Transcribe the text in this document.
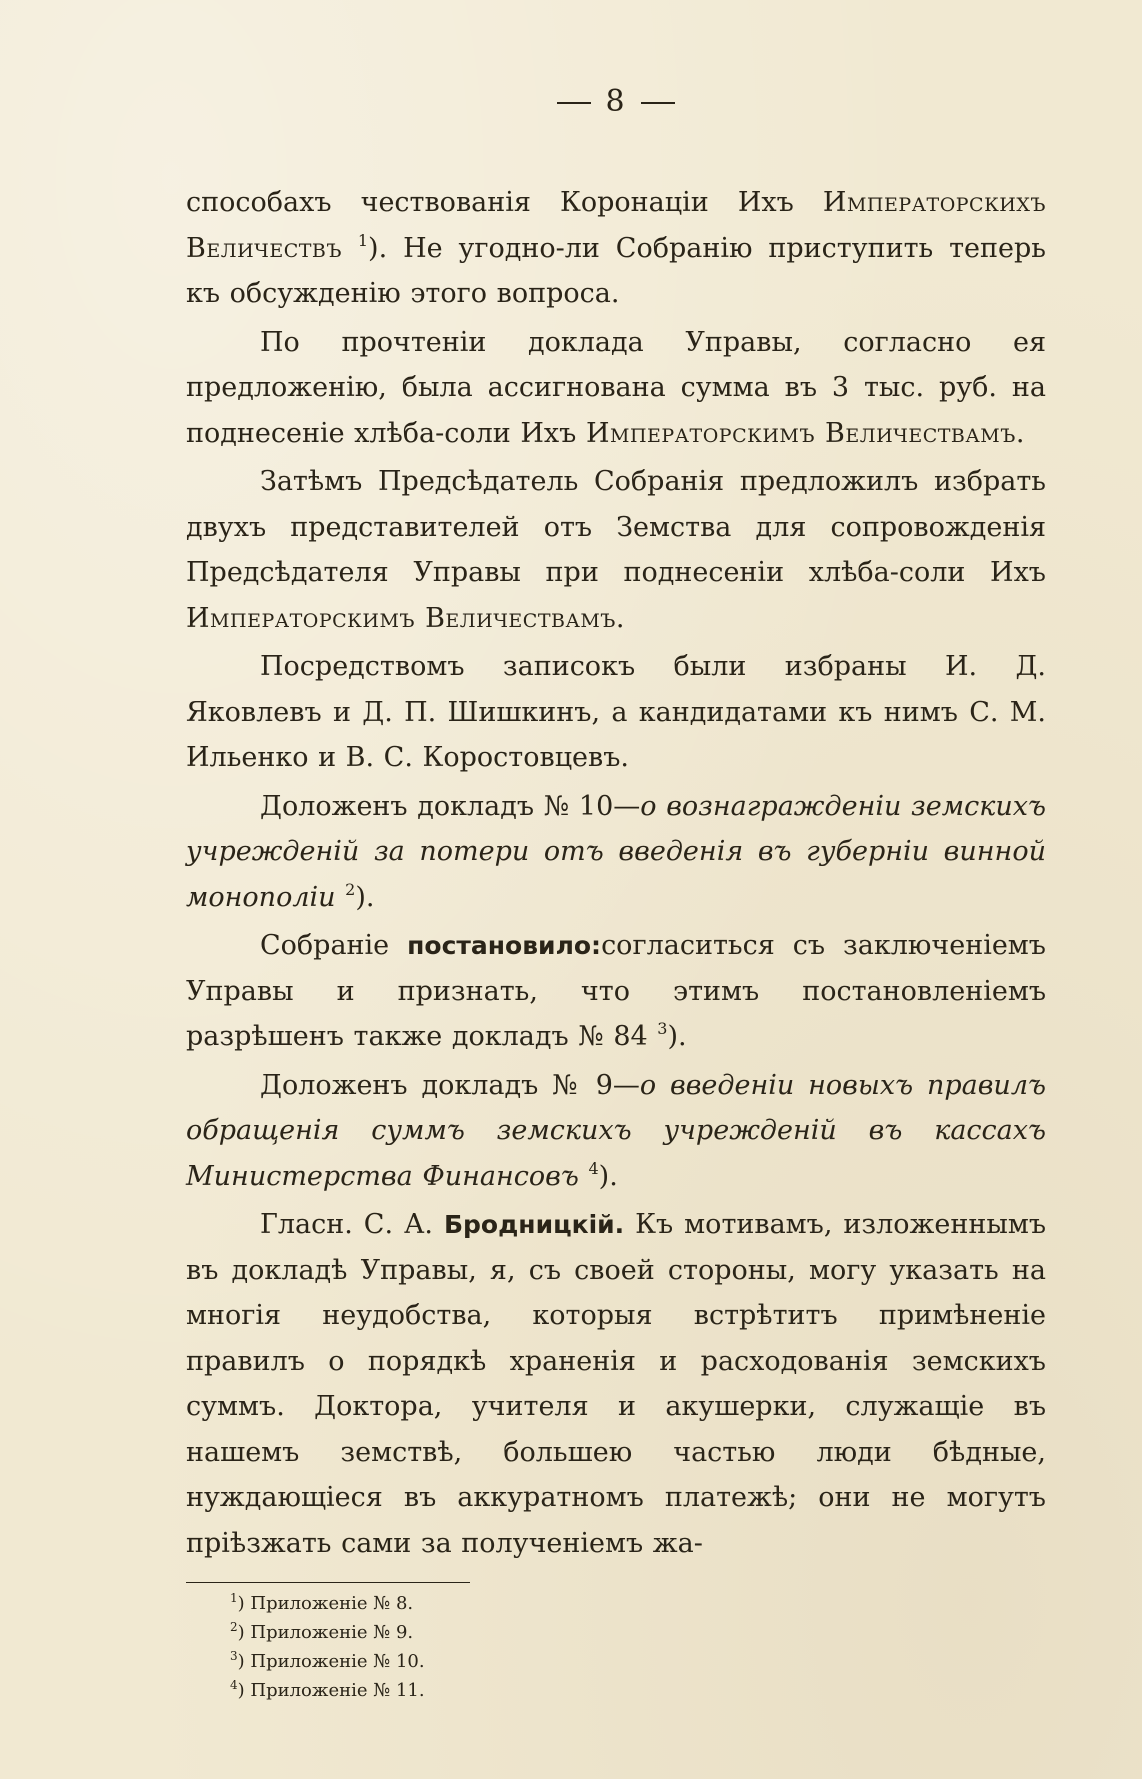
8

способахъ чествованія Коронаціи Ихъ Императорскихъ Величествъ $^1$). Не угодно-ли Собранію приступить теперь къ обсужденію этого вопроса.

По прочтеніи доклада Управы, согласно ея предложенію, была ассигнована сумма въ 3 тыс. руб. на поднесеніе хлѣба-соли Ихъ Императорскимъ Величествамъ.

Затѣмъ Предсѣдатель Собранія предложилъ избрать двухъ представителей отъ Земства для сопровожденія Предсѣдателя Управы при поднесеніи хлѣба-соли Ихъ Императорскимъ Величествамъ.

Посредствомъ записокъ были избраны И. Д. Яковлевъ и Д. П. Шишкинъ, а кандидатами къ нимъ С. М. Ильенко и В. С. Коростовцевъ.

Доложенъ докладъ № 10—о вознагражденіи земскихъ учрежденій за потери отъ введенія въ губерніи винной монополіи $^2$).

Собраніе постановило:согласиться съ заключеніемъ Управы и признать, что этимъ постановленіемъ разрѣшенъ также докладъ № 84 $^3$).

Доложенъ докладъ № 9—о введеніи новыхъ правилъ обращенія суммъ земскихъ учрежденій въ кассахъ Министерства Финансовъ $^4$).

Гласн. С. А. Бродницкій. Къ мотивамъ, изложеннымъ въ докладѣ Управы, я, съ своей стороны, могу указать на многія неудобства, которыя встрѣтитъ примѣненіе правилъ о порядкѣ храненія и расходованія земскихъ суммъ. Доктора, учителя и акушерки, служащіе въ нашемъ земствѣ, большею частью люди бѣдные, нуждающіеся въ аккуратномъ платежѣ; они не могутъ пріѣзжать сами за полученіемъ жа-

$^1$) Приложеніе № 8.

$^2$) Приложеніе № 9.

$^3$) Приложеніе № 10.

$^4$) Приложеніе № 11.
